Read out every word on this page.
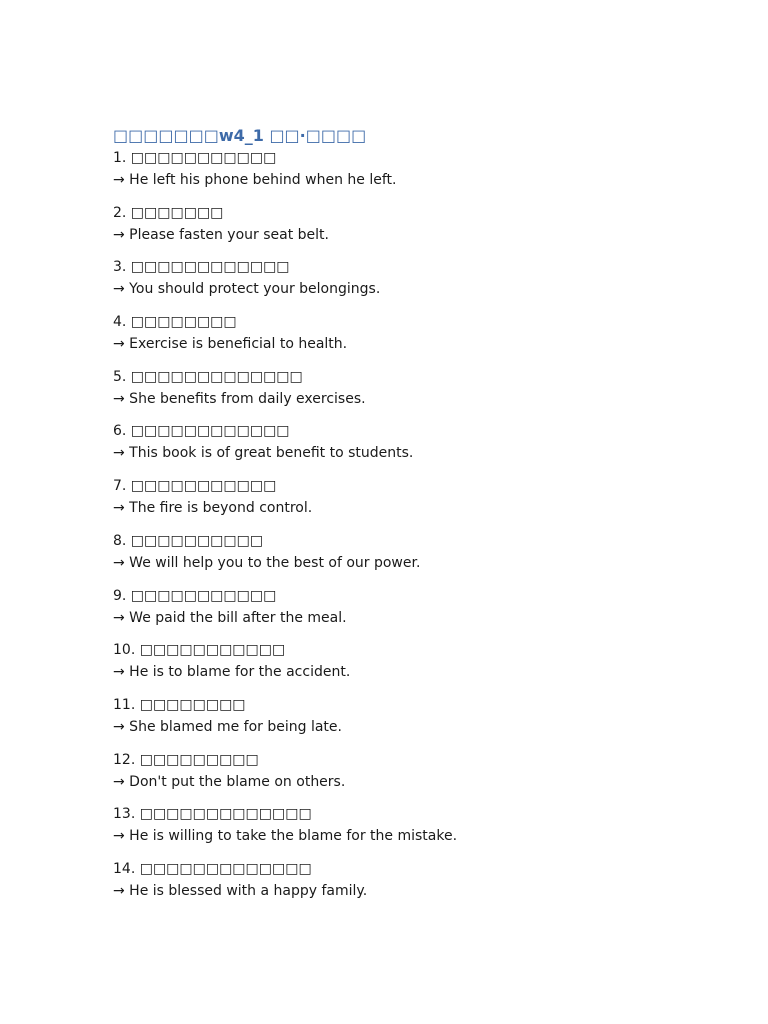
□□□□□□□w4_1 □□·□□□□
1. □□□□□□□□□□□
→ He left his phone behind when he left.
2. □□□□□□□
→ Please fasten your seat belt.
3. □□□□□□□□□□□□
→ You should protect your belongings.
4. □□□□□□□□
→ Exercise is beneficial to health.
5. □□□□□□□□□□□□□
→ She benefits from daily exercises.
6. □□□□□□□□□□□□
→ This book is of great benefit to students.
7. □□□□□□□□□□□
→ The fire is beyond control.
8. □□□□□□□□□□
→ We will help you to the best of our power.
9. □□□□□□□□□□□
→ We paid the bill after the meal.
10. □□□□□□□□□□□
→ He is to blame for the accident.
11. □□□□□□□□
→ She blamed me for being late.
12. □□□□□□□□□
→ Don't put the blame on others.
13. □□□□□□□□□□□□□
→ He is willing to take the blame for the mistake.
14. □□□□□□□□□□□□□
→ He is blessed with a happy family.
